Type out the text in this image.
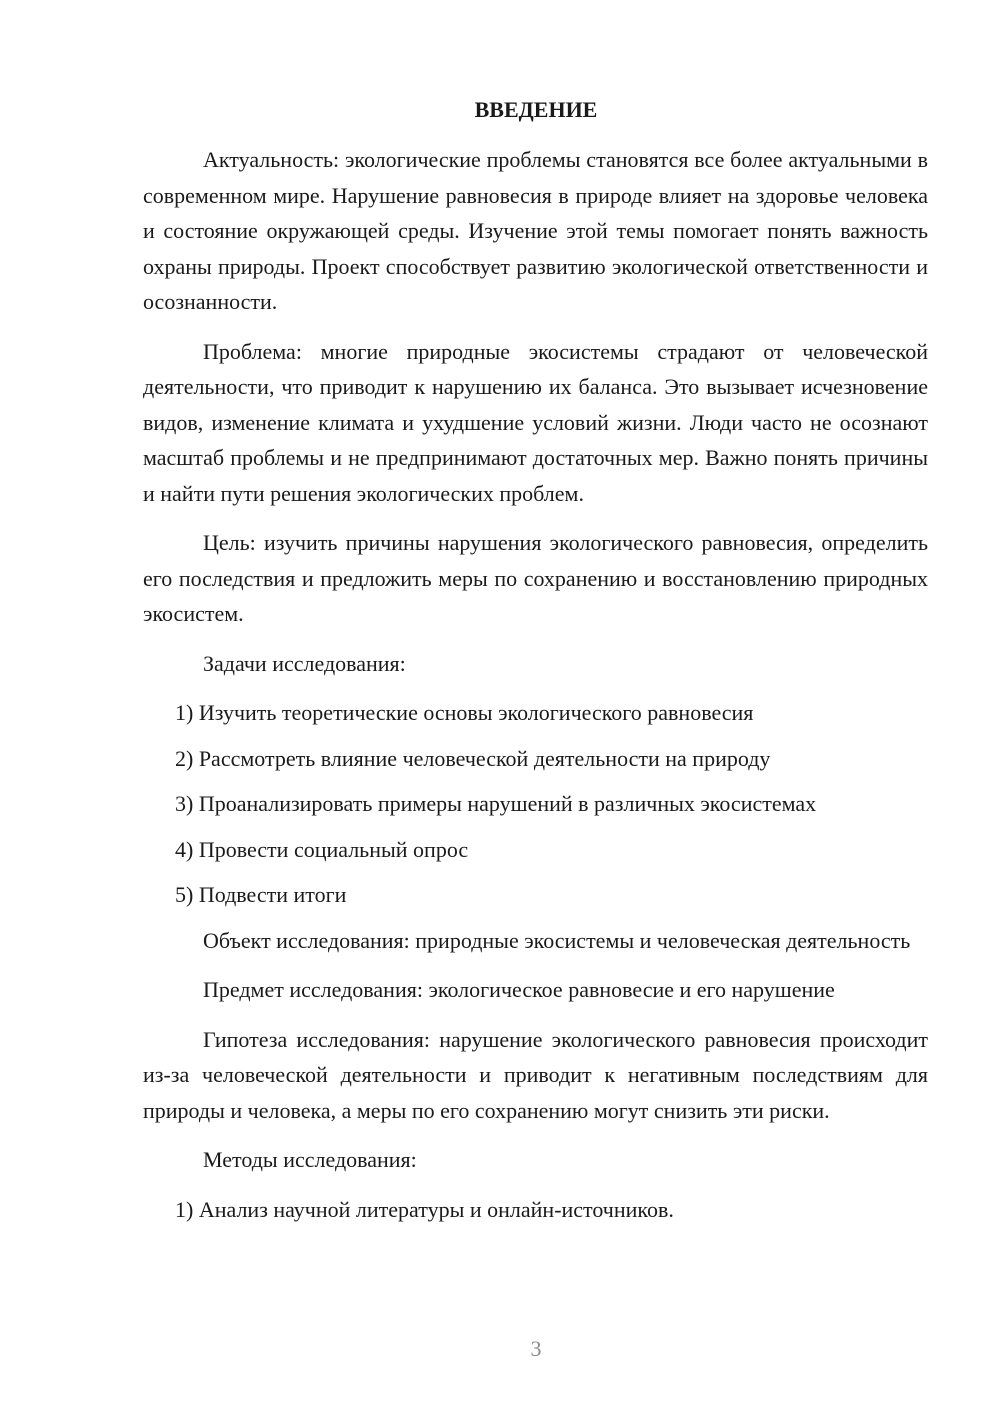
ВВЕДЕНИЕ

Актуальность: экологические проблемы становятся все более актуальными в современном мире. Нарушение равновесия в природе влияет на здоровье человека и состояние окружающей среды. Изучение этой темы помогает понять важность охраны природы. Проект способствует развитию экологической ответственности и осознанности.

Проблема: многие природные экосистемы страдают от человеческой деятельности, что приводит к нарушению их баланса. Это вызывает исчезновение видов, изменение климата и ухудшение условий жизни. Люди часто не осознают масштаб проблемы и не предпринимают достаточных мер. Важно понять причины и найти пути решения экологических проблем.

Цель: изучить причины нарушения экологического равновесия, определить его последствия и предложить меры по сохранению и восстановлению природных экосистем.

Задачи исследования:

1) Изучить теоретические основы экологического равновесия
2) Рассмотреть влияние человеческой деятельности на природу
3) Проанализировать примеры нарушений в различных экосистемах
4) Провести социальный опрос
5) Подвести итоги

Объект исследования: природные экосистемы и человеческая деятельность

Предмет исследования: экологическое равновесие и его нарушение

Гипотеза исследования: нарушение экологического равновесия происходит из-за человеческой деятельности и приводит к негативным последствиям для природы и человека, а меры по его сохранению могут снизить эти риски.

Методы исследования:

1) Анализ научной литературы и онлайн-источников.
3
